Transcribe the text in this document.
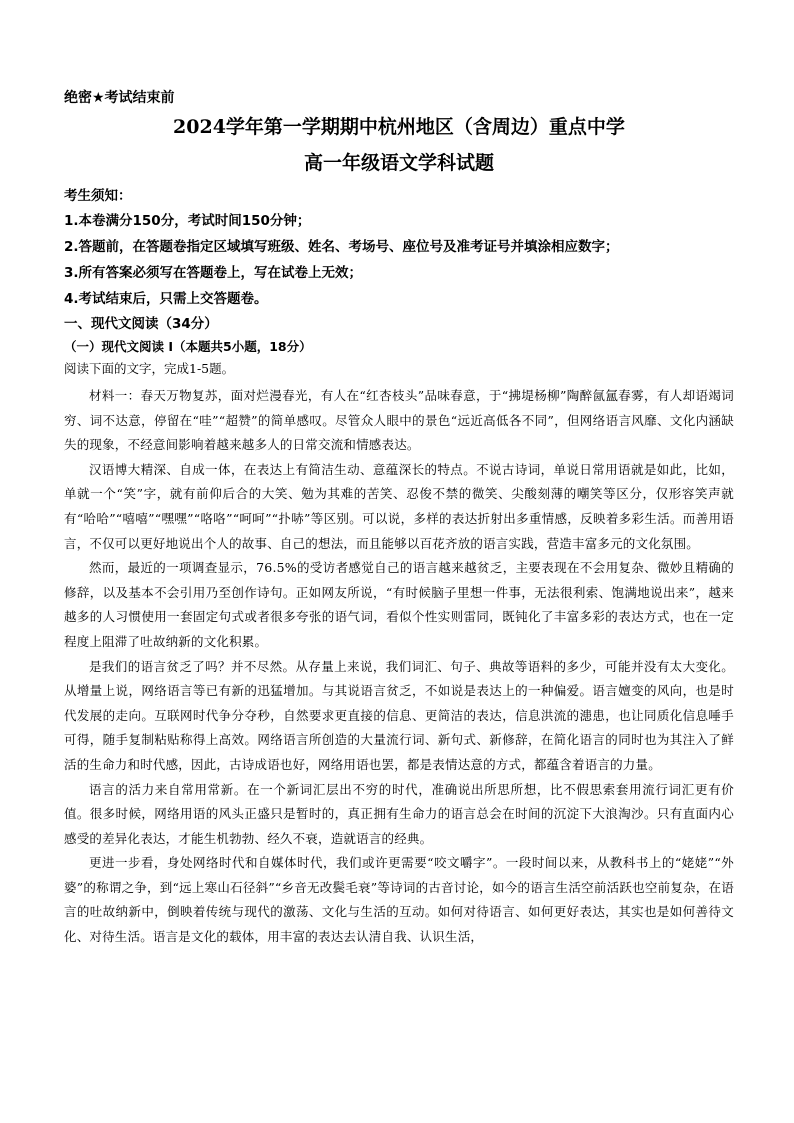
绝密★考试结束前

2024学年第一学期期中杭州地区（含周边）重点中学
高一年级语文学科试题

考生须知：

1.本卷满分150分，考试时间150分钟；

2.答题前，在答题卷指定区域填写班级、姓名、考场号、座位号及准考证号并填涂相应数字；

3.所有答案必须写在答题卷上，写在试卷上无效；

4.考试结束后，只需上交答题卷。

一、现代文阅读（34分）

（一）现代文阅读 I（本题共5小题，18分）

阅读下面的文字，完成1-5题。

材料一：春天万物复苏，面对烂漫春光，有人在“红杏枝头”品味春意，于“拂堤杨柳”陶醉氤氲春雾，有人却语竭词穷、词不达意，停留在“哇”“超赞”的简单感叹。尽管众人眼中的景色“远近高低各不同”，但网络语言风靡、文化内涵缺失的现象，不经意间影响着越来越多人的日常交流和情感表达。

汉语博大精深、自成一体，在表达上有简洁生动、意蕴深长的特点。不说古诗词，单说日常用语就是如此，比如，单就一个“笑”字，就有前仰后合的大笑、勉为其难的苦笑、忍俊不禁的微笑、尖酸刻薄的嘲笑等区分，仅形容笑声就有“哈哈”“嘻嘻”“嘿嘿”“咯咯”“呵呵”“扑哧”等区别。可以说，多样的表达折射出多重情感，反映着多彩生活。而善用语言，不仅可以更好地说出个人的故事、自己的想法，而且能够以百花齐放的语言实践，营造丰富多元的文化氛围。

然而，最近的一项调查显示，76.5%的受访者感觉自己的语言越来越贫乏，主要表现在不会用复杂、微妙且精确的修辞，以及基本不会引用乃至创作诗句。正如网友所说，“有时候脑子里想一件事，无法很利索、饱满地说出来”，越来越多的人习惯使用一套固定句式或者很多夸张的语气词，看似个性实则雷同，既钝化了丰富多彩的表达方式，也在一定程度上阻滞了吐故纳新的文化积累。

是我们的语言贫乏了吗？并不尽然。从存量上来说，我们词汇、句子、典故等语料的多少，可能并没有太大变化。从增量上说，网络语言等已有新的迅猛增加。与其说语言贫乏，不如说是表达上的一种偏爱。语言嬗变的风向，也是时代发展的走向。互联网时代争分夺秒，自然要求更直接的信息、更简洁的表达，信息洪流的漶患，也让同质化信息唾手可得，随手复制粘贴称得上高效。网络语言所创造的大量流行词、新句式、新修辞，在简化语言的同时也为其注入了鲜活的生命力和时代感，因此，古诗成语也好，网络用语也罢，都是表情达意的方式，都蕴含着语言的力量。

语言的活力来自常用常新。在一个新词汇层出不穷的时代，准确说出所思所想，比不假思索套用流行词汇更有价值。很多时候，网络用语的风头正盛只是暂时的，真正拥有生命力的语言总会在时间的沉淀下大浪淘沙。只有直面内心感受的差异化表达，才能生机勃勃、经久不衰，造就语言的经典。

更进一步看，身处网络时代和自媒体时代，我们或许更需要“咬文嚼字”。一段时间以来，从教科书上的“姥姥”“外婆”的称谓之争，到“远上寒山石径斜”“乡音无改鬓毛衰”等诗词的古音讨论，如今的语言生活空前活跃也空前复杂，在语言的吐故纳新中，倒映着传统与现代的激荡、文化与生活的互动。如何对待语言、如何更好表达，其实也是如何善待文化、对待生活。语言是文化的载体，用丰富的表达去认清自我、认识生活，
